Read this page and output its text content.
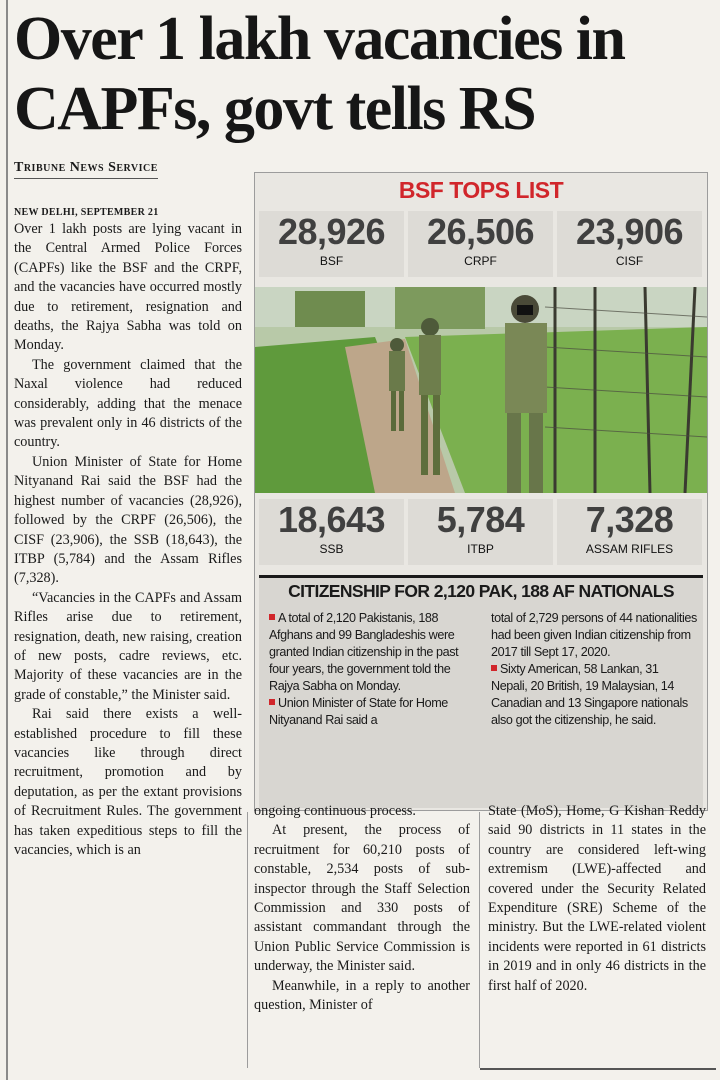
Over 1 lakh vacancies in CAPFs, govt tells RS
Tribune News Service
NEW DELHI, SEPTEMBER 21

Over 1 lakh posts are lying vacant in the Central Armed Police Forces (CAPFs) like the BSF and the CRPF, and the vacancies have occurred mostly due to retirement, resignation and deaths, the Rajya Sabha was told on Monday.

The government claimed that the Naxal violence had reduced considerably, adding that the menace was prevalent only in 46 districts of the country.

Union Minister of State for Home Nityanand Rai said the BSF had the highest number of vacancies (28,926), followed by the CRPF (26,506), the CISF (23,906), the SSB (18,643), the ITBP (5,784) and the Assam Rifles (7,328).

“Vacancies in the CAPFs and Assam Rifles arise due to retirement, resignation, death, new raising, creation of new posts, cadre reviews, etc. Majority of these vacancies are in the grade of constable,” the Minister said.

Rai said there exists a well-established procedure to fill these vacancies like through direct recruitment, promotion and by deputation, as per the extant provisions of Recruitment Rules. The government has taken expeditious steps to fill the vacancies, which is an

BSF TOPS LIST
28,926
BSF
26,506
CRPF
23,906
CISF
18,643
SSB
5,784
ITBP
7,328
ASSAM RIFLES
CITIZENSHIP FOR 2,120 PAK, 188 AF NATIONALS

A total of 2,120 Pakistanis, 188 Afghans and 99 Bangladeshis were granted Indian citizenship in the past four years, the government told the Rajya Sabha on Monday.

Union Minister of State for Home Nityanand Rai said a

total of 2,729 persons of 44 nationalities had been given Indian citizenship from 2017 till Sept 17, 2020.

Sixty American, 58 Lankan, 31 Nepali, 20 British, 19 Malaysian, 14 Canadian and 13 Singapore nationals also got the citizenship, he said.

ongoing continuous process.

At present, the process of recruitment for 60,210 posts of constable, 2,534 posts of sub-inspector through the Staff Selection Commission and 330 posts of assistant commandant through the Union Public Service Commission is underway, the Minister said.

Meanwhile, in a reply to another question, Minister of

State (MoS), Home, G Kishan Reddy said 90 districts in 11 states in the country are considered left-wing extremism (LWE)-affected and covered under the Security Related Expenditure (SRE) Scheme of the ministry. But the LWE-related violent incidents were reported in 61 districts in 2019 and in only 46 districts in the first half of 2020.
